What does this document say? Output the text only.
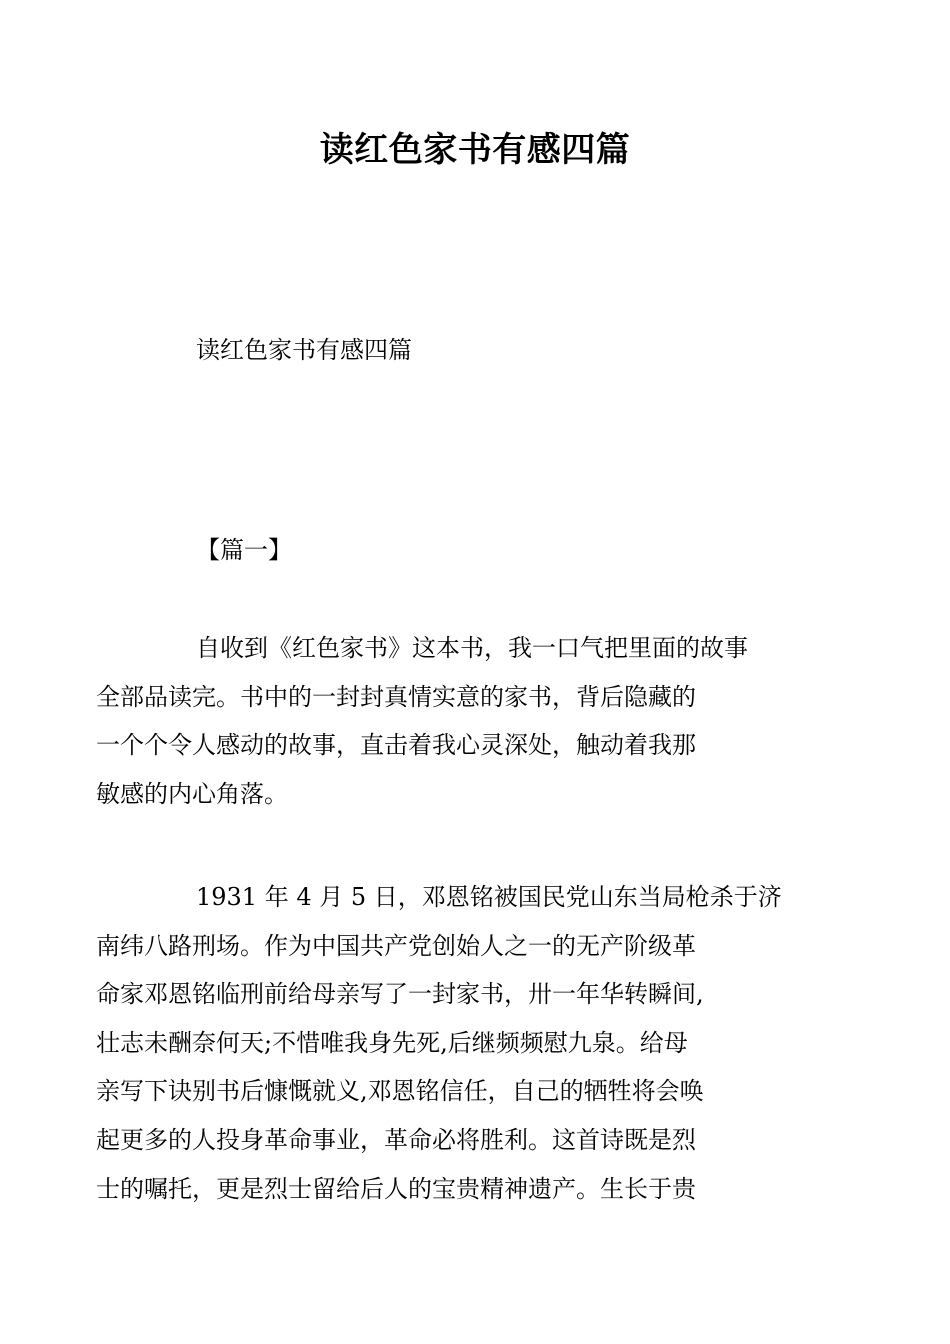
读红色家书有感四篇
读红色家书有感四篇
【篇一】

自收到《红色家书》这本书，我一口气把里面的故事
全部品读完。书中的一封封真情实意的家书，背后隐藏的
一个个令人感动的故事，直击着我心灵深处，触动着我那
敏感的内心角落。

1931 年 4 月 5 日，邓恩铭被国民党山东当局枪杀于济
南纬八路刑场。作为中国共产党创始人之一的无产阶级革
命家邓恩铭临刑前给母亲写了一封家书，卅一年华转瞬间,
壮志未酬奈何天;不惜唯我身先死,后继频频慰九泉。给母
亲写下诀别书后慷慨就义,邓恩铭信任，自己的牺牲将会唤
起更多的人投身革命事业，革命必将胜利。这首诗既是烈
士的嘱托，更是烈士留给后人的宝贵精神遗产。生长于贵
